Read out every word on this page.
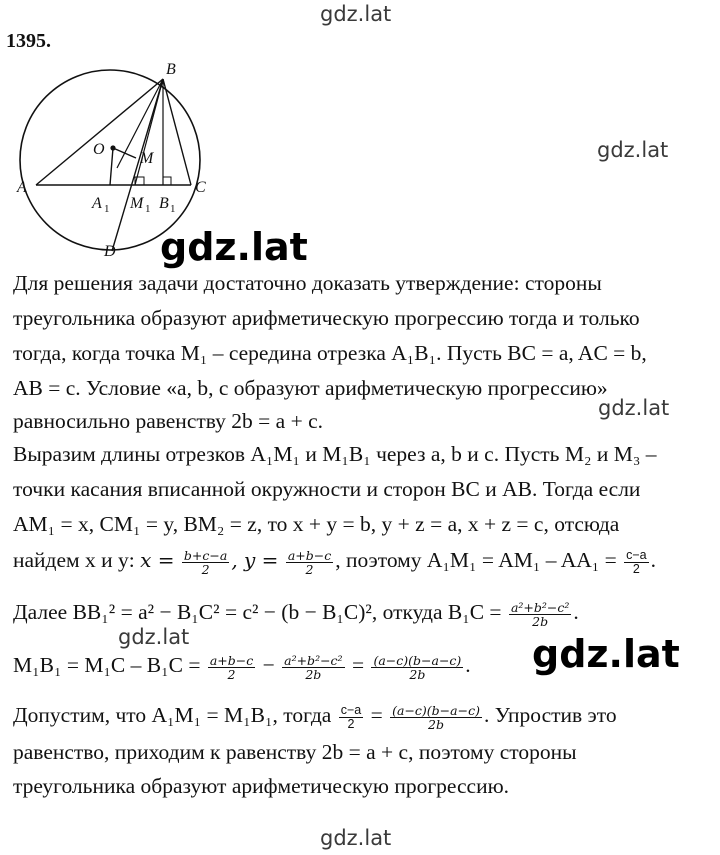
1395.
B
O
M
A	C
A 1 M 1 B 1
D
Для решения задачи достаточно доказать утверждение: стороны
треугольника образуют арифметическую прогрессию тогда и только
тогда, когда точка M₁ – середина отрезка A₁B₁. Пусть BC = a, AC = b,
AB = c. Условие «a, b, c образуют арифметическую прогрессию»
равносильно равенству 2b = a + c.
Выразим длины отрезков A₁M₁ и M₁B₁ через a, b и c. Пусть M₂ и M₃ –
точки касания вписанной окружности и сторон BC и AB. Тогда если
AM₁ = x, CM₁ = y, BM₂ = z, то x + y = b, y + z = a, x + z = c, отсюда
найдем x и y: $x = \frac{b+c-a}{2}$ , $y = \frac{a+b-c}{2}$ , поэтому $A_1M_1 = AM_1 - AA_1 = \frac{c-a}{2}$ .
Далее BB₁² = a² − B₁C² = c² − (b − B₁C)², откуда $B_1C = \frac{\text{a²+b²−c²}}{2b}$ .
$M_1B_1 = M_1C - B_1C = \frac{a+b-c}{2} - \frac{\text{a²+b²−c²}}{2b} = \frac{(a-c)(b-a-c)}{2b}$ .
Допустим, что A₁M₁ = M₁B₁, тогда $\frac{c-a}{2} = \frac{(a-c)(b-a-c)}{2b}$ . Упростив это
равенство, приходим к равенству 2b = a + c, поэтому стороны
треугольника образуют арифметическую прогрессию.
gdz.lat
gdz.lat
gdz.lat
gdz.lat
gdz.lat	gdz.lat
gdz.lat
